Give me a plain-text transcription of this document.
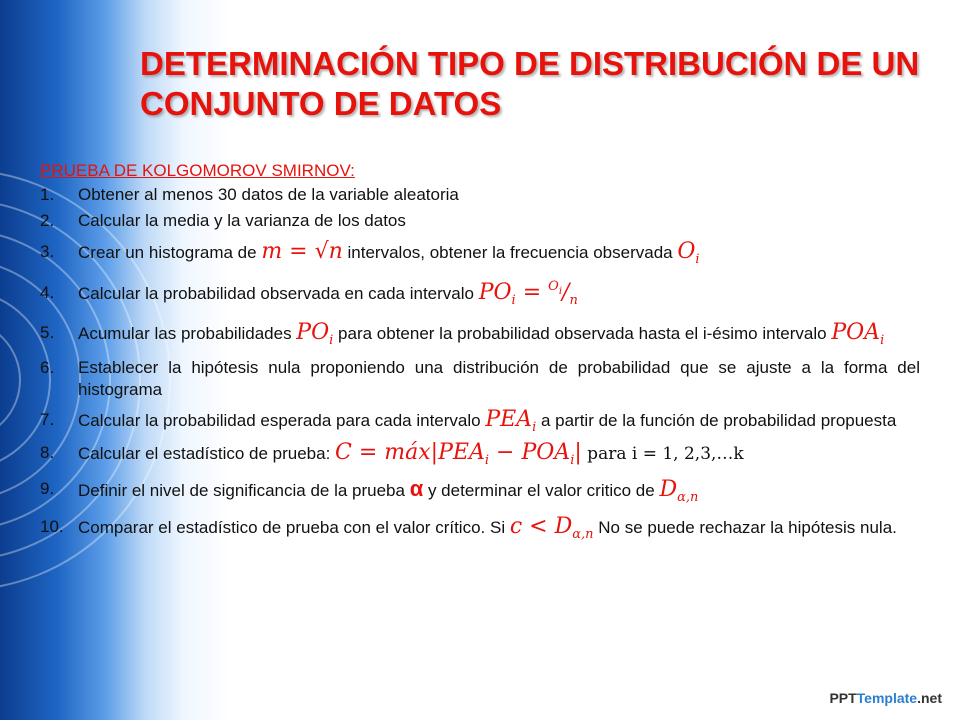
DETERMINACIÓN TIPO DE DISTRIBUCIÓN DE UN CONJUNTO DE DATOS
PRUEBA DE KOLGOMOROV SMIRNOV:
1. Obtener al menos 30 datos de la variable aleatoria
2. Calcular la media y la varianza de los datos
3. Crear un histograma de m = √n intervalos, obtener la frecuencia observada $O_i$
4. Calcular la probabilidad observada en cada intervalo $PO_i = ^{Oi}/_n$
5. Acumular las probabilidades $PO_i$ para obtener la probabilidad observada hasta el i-ésimo intervalo $POA_i$
6. Establecer la hipótesis nula proponiendo una distribución de probabilidad que se ajuste a la forma del histograma
7. Calcular la probabilidad esperada para cada intervalo $PEA_i$ a partir de la función de probabilidad propuesta
8. Calcular el estadístico de prueba: $C = máx|PEA_i - POA_i|$ para i = 1, 2,3,…k
9. Definir el nivel de significancia de la prueba α y determinar el valor critico de $D_{\alpha,n}$
10. Comparar el estadístico de prueba con el valor crítico. Si $c < D_{\alpha,n}$ No se puede rechazar la hipótesis nula.
PPTTemplate.net
